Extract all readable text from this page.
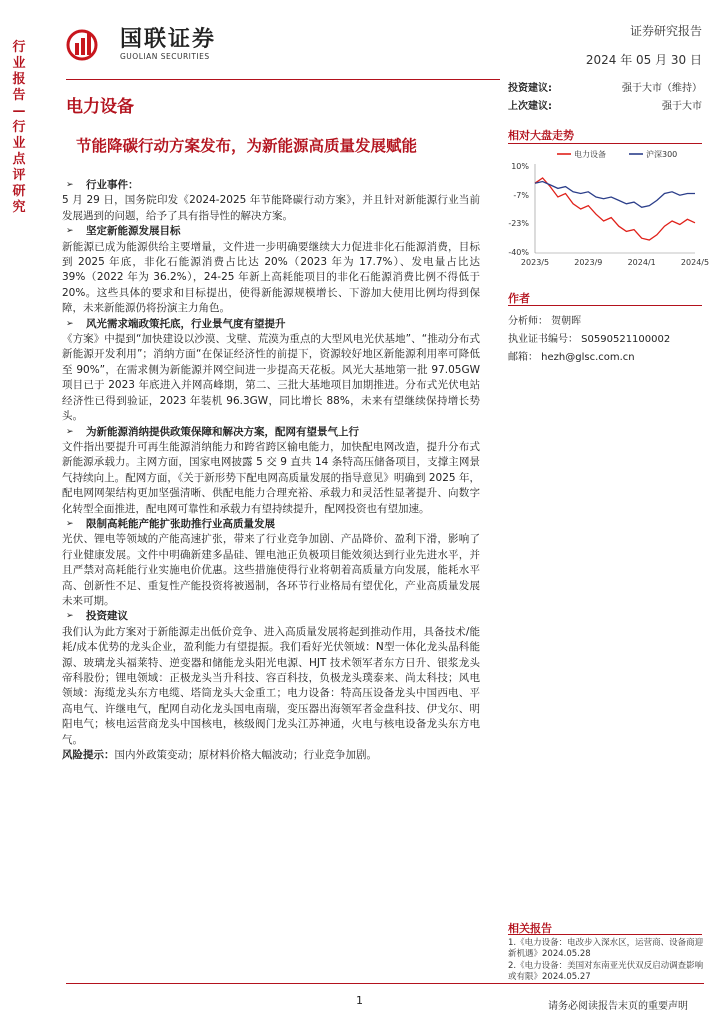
行业报告—行业点评研究
国联证券
GUOLIAN SECURITIES
证券研究报告
2024 年 05 月 30 日
电力设备
节能降碳行动方案发布，为新能源高质量发展赋能
投资建议:	强于大市（维持）
上次建议:	强于大市
相对大盘走势
电力设备	沪深300
10%
-7%
-23%
-40%
2023/5	2023/9	2024/1	2024/5
作者
分析师： 贺朝晖
执业证书编号： S0590521100002
邮箱： hezh@glsc.com.cn
相关报告
1.《电力设备：电改步入深水区，运营商、设备商迎新机遇》2024.05.28
2.《电力设备：美国对东南亚光伏双反启动调查影响或有限》2024.05.27
➢	行业事件：
5 月 29 日，国务院印发《2024-2025 年节能降碳行动方案》，并且针对新能源行业当前发展遇到的问题，给予了具有指导性的解决方案。
➢	坚定新能源发展目标
新能源已成为能源供给主要增量，文件进一步明确要继续大力促进非化石能源消费，目标到 2025 年底，非化石能源消费占比达 20%（2023 年为 17.7%）、发电量占比达 39%（2022 年为 36.2%），24-25 年新上高耗能项目的非化石能源消费比例不得低于 20%。这些具体的要求和目标提出，使得新能源规模增长、下游加大使用比例均得到保障，未来新能源仍将扮演主力角色。
➢	风光需求端政策托底，行业景气度有望提升
《方案》中提到“加快建设以沙漠、戈壁、荒漠为重点的大型风电光伏基地”、“推动分布式新能源开发利用”；消纳方面“在保证经济性的前提下，资源较好地区新能源利用率可降低至 90%”，在需求侧为新能源并网空间进一步提高天花板。风光大基地第一批 97.05GW 项目已于 2023 年底进入并网高峰期，第二、三批大基地项目加期推进。分布式光伏电站经济性已得到验证，2023 年装机 96.3GW，同比增长 88%，未来有望继续保持增长势头。
➢	为新能源消纳提供政策保障和解决方案，配网有望景气上行
文件指出要提升可再生能源消纳能力和跨省跨区输电能力，加快配电网改造，提升分布式新能源承载力。主网方面，国家电网披露 5 交 9 直共 14 条特高压储备项目，支撑主网景气持续向上。配网方面，《关于新形势下配电网高质量发展的指导意见》明确到 2025 年，配电网网架结构更加坚强清晰、供配电能力合理充裕、承载力和灵活性显著提升、向数字化转型全面推进，配电网可靠性和承载力有望持续提升，配网投资也有望加速。
➢	限制高耗能产能扩张助推行业高质量发展
光伏、锂电等领域的产能高速扩张，带来了行业竞争加剧、产品降价、盈利下滑，影响了行业健康发展。文件中明确新建多晶硅、锂电池正负极项目能效须达到行业先进水平，并且严禁对高耗能行业实施电价优惠。这些措施使得行业将朝着高质量方向发展，能耗水平高、创新性不足、重复性产能投资将被遏制，各环节行业格局有望优化，产业高质量发展未来可期。
➢	投资建议
我们认为此方案对于新能源走出低价竞争、进入高质量发展将起到推动作用，具备技术/能耗/成本优势的龙头企业，盈利能力有望提振。我们看好光伏领域：N型一体化龙头晶科能源、玻璃龙头福莱特、逆变器和储能龙头阳光电源、HJT 技术领军者东方日升、银浆龙头帝科股份；锂电领域：正极龙头当升科技、容百科技，负极龙头璞泰来、尚太科技；风电领域：海缆龙头东方电缆、塔筒龙头大金重工；电力设备：特高压设备龙头中国西电、平高电气、许继电气，配网自动化龙头国电南瑞，变压器出海领军者金盘科技、伊戈尔、明阳电气；核电运营商龙头中国核电，核级阀门龙头江苏神通，火电与核电设备龙头东方电气。
风险提示：国内外政策变动；原材料价格大幅波动；行业竞争加剧。
1	请务必阅读报告末页的重要声明
